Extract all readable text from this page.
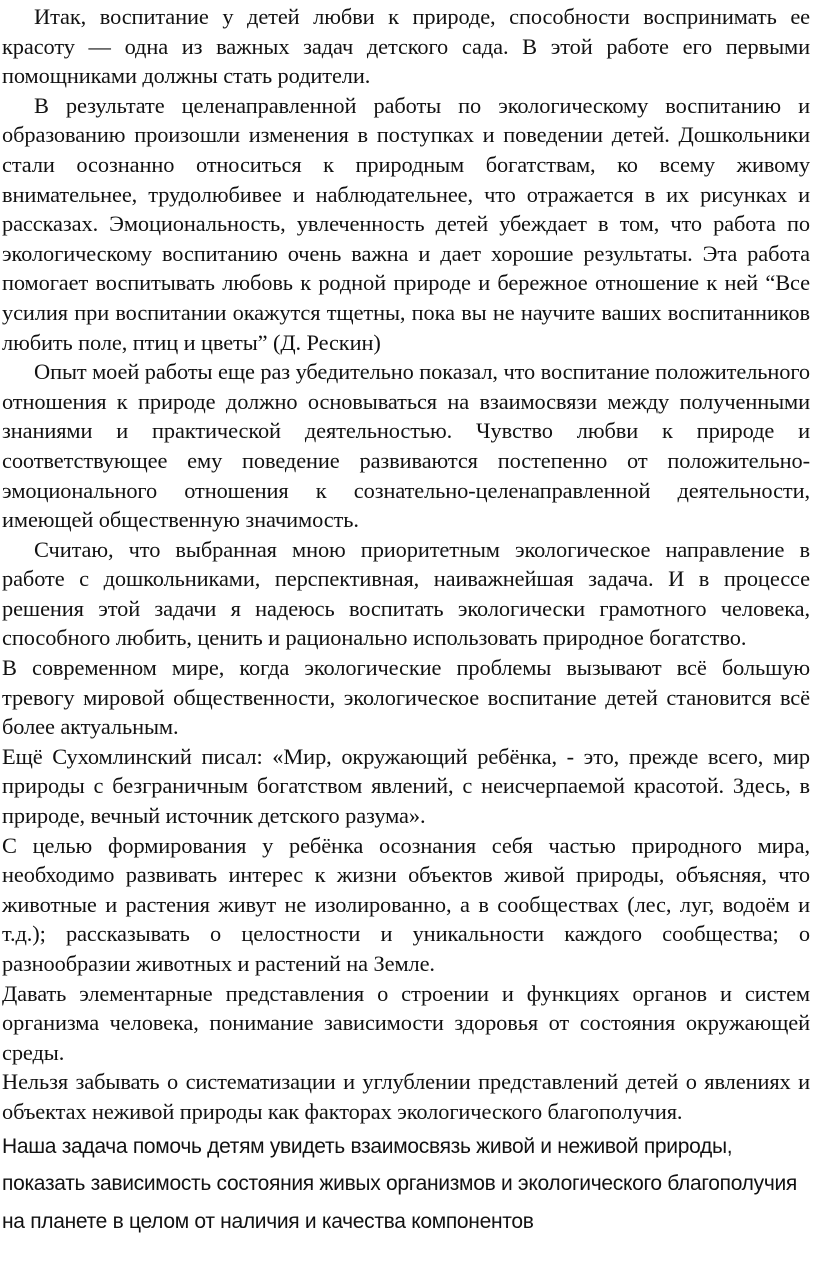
Итак, воспитание у детей любви к природе, способности воспринимать ее красоту — одна из важных задач детского сада. В этой работе его первыми помощниками должны стать родители.

В результате целенаправленной работы по экологическому воспитанию и образованию произошли изменения в поступках и поведении детей. Дошкольники стали осознанно относиться к природным богатствам, ко всему живому внимательнее, трудолюбивее и наблюдательнее, что отражается в их рисунках и рассказах. Эмоциональность, увлеченность детей убеждает в том, что работа по экологическому воспитанию очень важна и дает хорошие результаты. Эта работа помогает воспитывать любовь к родной природе и бережное отношение к ней “Все усилия при воспитании окажутся тщетны, пока вы не научите ваших воспитанников любить поле, птиц и цветы” (Д. Рескин)

Опыт моей работы еще раз убедительно показал, что воспитание положительного отношения к природе должно основываться на взаимосвязи между полученными знаниями и практической деятельностью. Чувство любви к природе и соответствующее ему поведение развиваются постепенно от положительно-эмоционального отношения к сознательно-целенаправленной деятельности, имеющей общественную значимость.

Считаю, что выбранная мною приоритетным экологическое направление в работе с дошкольниками, перспективная, наиважнейшая задача. И в процессе решения этой задачи я надеюсь воспитать экологически грамотного человека, способного любить, ценить и рационально использовать природное богатство.

В современном мире, когда экологические проблемы вызывают всё большую тревогу мировой общественности, экологическое воспитание детей становится всё более актуальным.

Ещё Сухомлинский писал: «Мир, окружающий ребёнка, - это, прежде всего, мир природы с безграничным богатством явлений, с неисчерпаемой красотой. Здесь, в природе, вечный источник детского разума».

С целью формирования у ребёнка осознания себя частью природного мира, необходимо развивать интерес к жизни объектов живой природы, объясняя, что животные и растения живут не изолированно, а в сообществах (лес, луг, водоём и т.д.); рассказывать о целостности и уникальности каждого сообщества; о разнообразии животных и растений на Земле.

Давать элементарные представления о строении и функциях органов и систем организма человека, понимание зависимости здоровья от состояния окружающей среды.

Нельзя забывать о систематизации и углублении представлений детей о явлениях и объектах неживой природы как факторах экологического благополучия.

Наша задача помочь детям увидеть взаимосвязь живой и неживой природы, показать зависимость состояния живых организмов и экологического благополучия на планете в целом от наличия и качества компонентов
